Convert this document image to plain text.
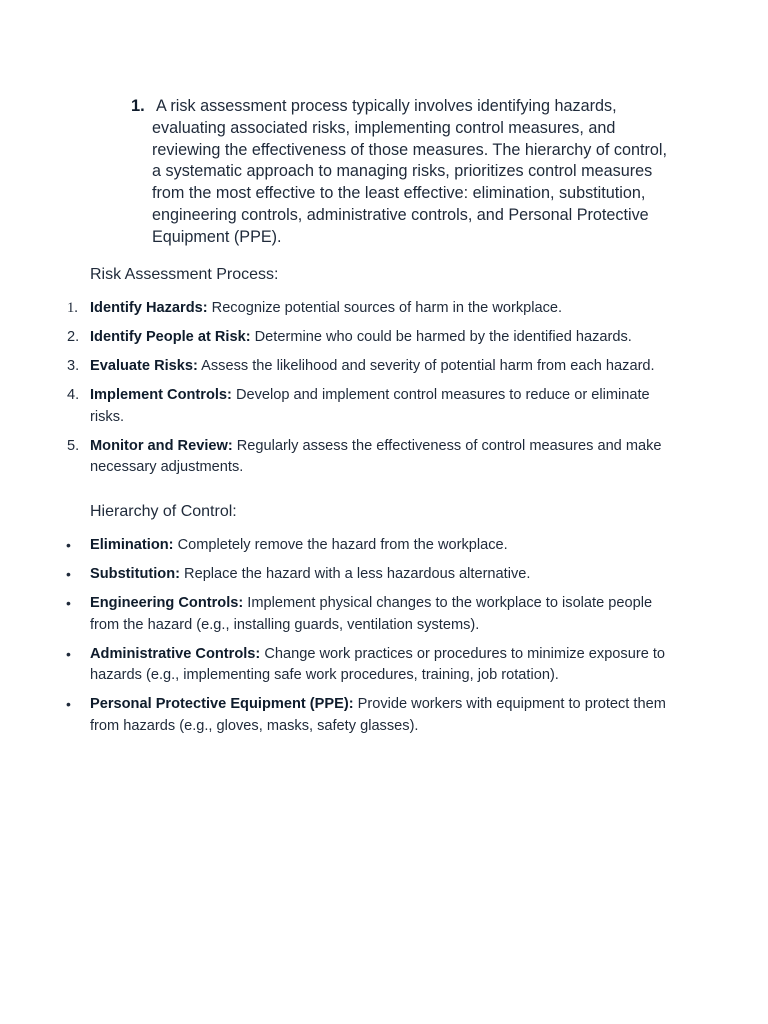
1. A risk assessment process typically involves identifying hazards, evaluating associated risks, implementing control measures, and reviewing the effectiveness of those measures. The hierarchy of control, a systematic approach to managing risks, prioritizes control measures from the most effective to the least effective: elimination, substitution, engineering controls, administrative controls, and Personal Protective Equipment (PPE).
Risk Assessment Process:
1. Identify Hazards: Recognize potential sources of harm in the workplace.
2. Identify People at Risk: Determine who could be harmed by the identified hazards.
3. Evaluate Risks: Assess the likelihood and severity of potential harm from each hazard.
4. Implement Controls: Develop and implement control measures to reduce or eliminate risks.
5. Monitor and Review: Regularly assess the effectiveness of control measures and make necessary adjustments.
Hierarchy of Control:
• Elimination: Completely remove the hazard from the workplace.
• Substitution: Replace the hazard with a less hazardous alternative.
• Engineering Controls: Implement physical changes to the workplace to isolate people from the hazard (e.g., installing guards, ventilation systems).
• Administrative Controls: Change work practices or procedures to minimize exposure to hazards (e.g., implementing safe work procedures, training, job rotation).
• Personal Protective Equipment (PPE): Provide workers with equipment to protect them from hazards (e.g., gloves, masks, safety glasses).
